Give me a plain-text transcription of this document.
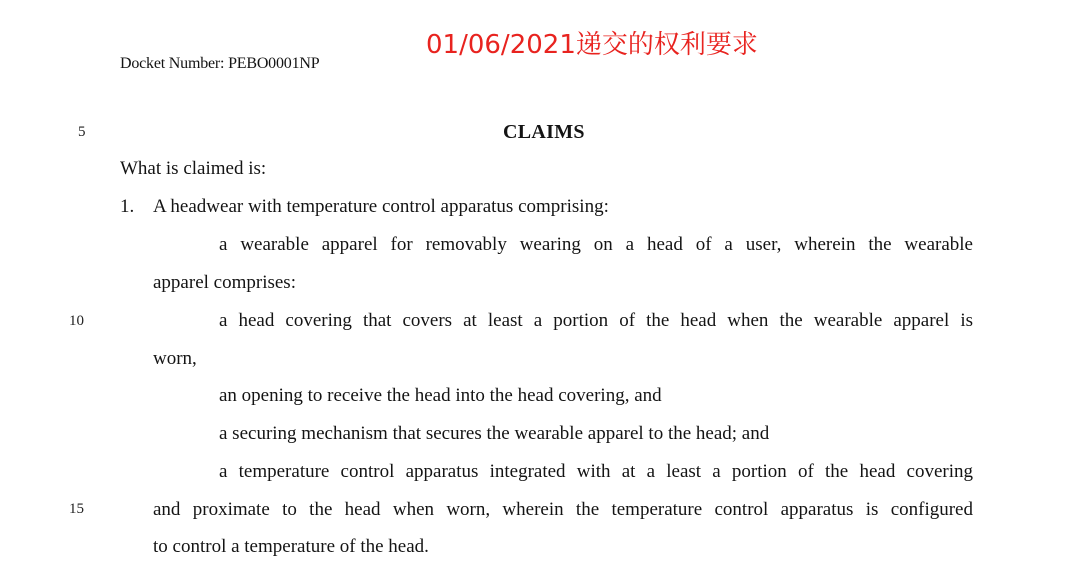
Docket Number: PEBO0001NP
01/06/2021递交的权利要求
5
10
15
CLAIMS
What is claimed is:
1. A headwear with temperature control apparatus comprising:
a wearable apparel for removably wearing on a head of a user, wherein the wearable
apparel comprises:
a head covering that covers at least a portion of the head when the wearable apparel is
worn,
an opening to receive the head into the head covering, and
a securing mechanism that secures the wearable apparel to the head; and
a temperature control apparatus integrated with at a least a portion of the head covering
and proximate to the head when worn, wherein the temperature control apparatus is configured
to control a temperature of the head.
